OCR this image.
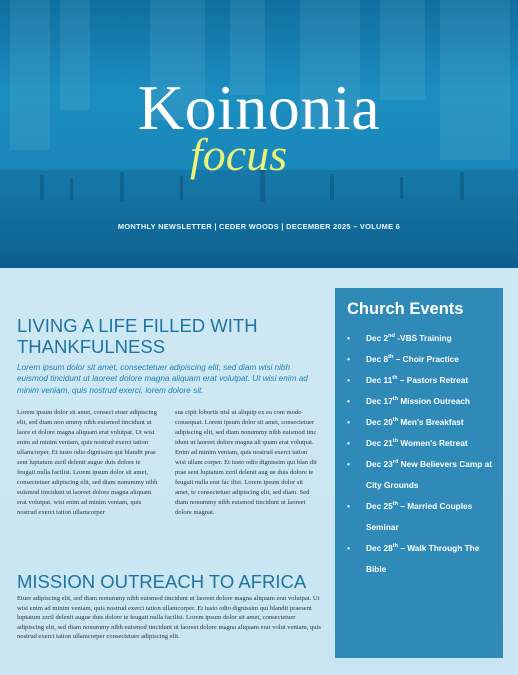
Koinonia
focus
MONTHLY NEWSLETTER | CEDER WOODS | DECEMBER 2025 – VOLUME 6
LIVING A LIFE FILLED WITH
THANKFULNESS
Lorem ipsum dolor sit amet, consectetuer adipiscing elit, sed diam wisi nibh euismod tincidunt ut laoreet dolore magna aliquam erat volutpat. Ut wisi enim ad minim veniam, quis nostrud exerci, lorem dolore sit.
Lorem ipsum dolor sit amet, consect etuer adipiscing elit, sed diam non ummy nibh euismod tincidunt ut laore et dolore magna aliquam erat volutpat. Ut wisi enim ad minim veniam, quis nostrud exerci tation ullamcorper. Et iusto odio dignissim qui blandit prae sent luptatum zzril delenit augue duis dolore te feugait nulla facilisi. Lorem ipsum dolor sit amet, consectetuer adipiscing elit, sed diam nonummy nibh euismod tincidunt ut laoreet dolore magna aliquam erat volutpat. wisi enim ad minim veniam, quis nostrud exerci tation ullamcorper
sus cipit lobortis nisl ut aliquip ex ea com modo consequat. Lorem ipsum dolor sit amet, consectetuer adipiscing elit, sed diam nonummy nibh euismod tinc idunt ut laoreet dolore magna ali quam erat volutpat. Enim ad minim veniam, quis nostrud exerci tation wisi ullam corper. Et iusto odio dignissim qui blan dit prae sent luptatum zzril delenit aug ue duis dolore te feugait nulla erat fac ilisi. Lorem ipsum dolor sit amet, te consectetuer adipiscing elit, sed diam. Sed diam nonummy nibh euismod tincidunt ut laoreet dolore magnat.
MISSION OUTREACH TO AFRICA
Etuer adipiscing elit, sed diam nonummy nibh euismod tincidunt ut laoreet dolore magna aliquam erat volutpat. Ut wisi enim ad minim veniam, quis nostrud exerci tation ullamcorper. Et iusto odio dignissim qui blandit praesent luptatum zzril delenit augue duis dolore te feugait nulla facilisi. Lorem ipsum dolor sit amet, consectetuer adipiscing elit, sed diam nonummy nibh euismod tincidunt ut laoreet dolore magna aliquam erat volut veniam, quis nostrud exerci tation ullamcorper consectetuer adipiscing elit.
Church Events
• Dec 2nd -VBS Training
• Dec 8th – Choir Practice
• Dec 11th – Pastors Retreat
• Dec 17th Mission Outreach
• Dec 20th Men's Breakfast
• Dec 21th Women's Retreat
• Dec 23rd New Believers Camp at City Grounds
• Dec 25th – Married Couples Seminar
• Dec 28th – Walk Through The Bible
